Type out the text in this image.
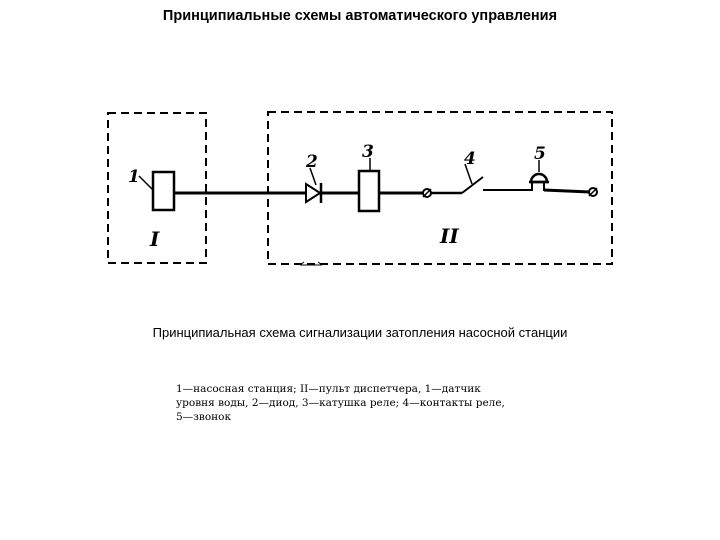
Принципиальные схемы автоматического управления
1
2	3	4	5
I	II
Принципиальная схема сигнализации затопления насосной станции
1—насосная станция; II—пульт диспетчера, 1—датчик
уровня воды, 2—диод, 3—катушка реле; 4—контакты реле,
5—звонок
